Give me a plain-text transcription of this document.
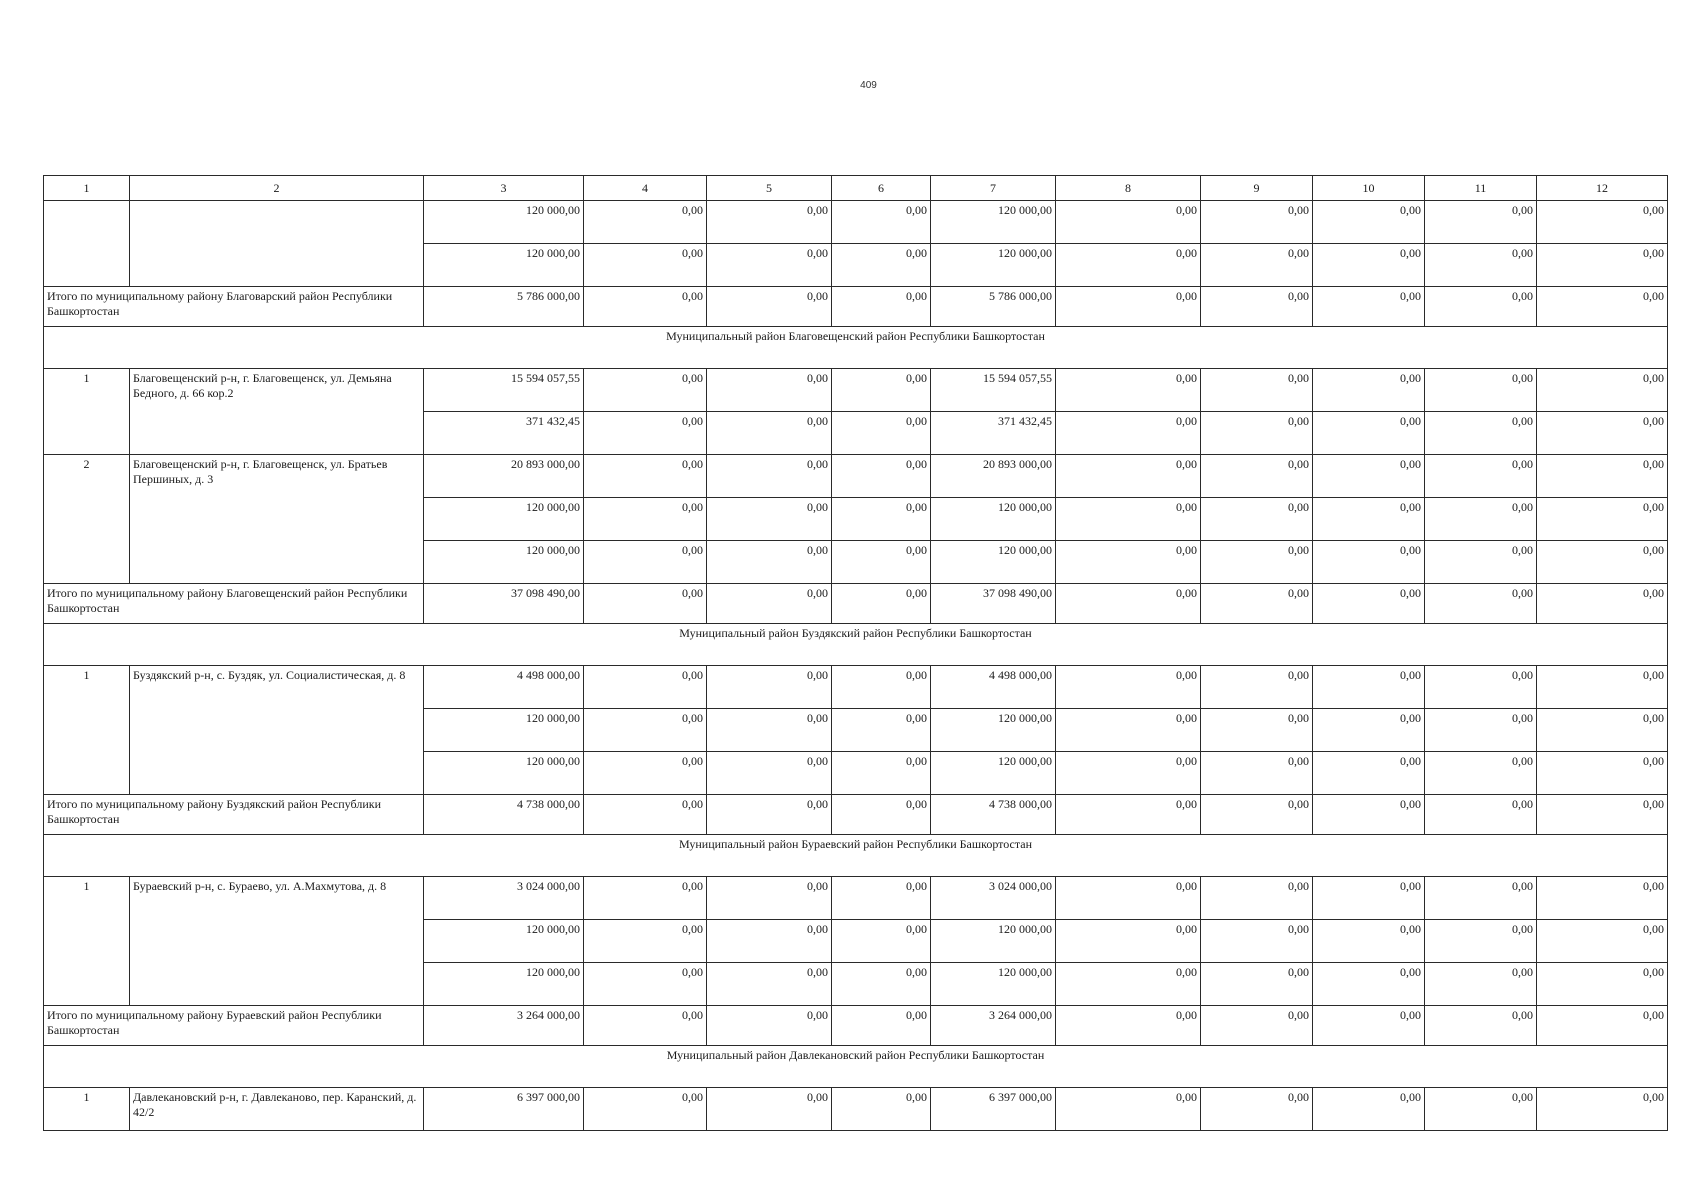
409
1	2	3	4	5	6	7	8	9	10	11	12
		120 000,00	0,00	0,00	0,00	120 000,00	0,00	0,00	0,00	0,00	0,00
		120 000,00	0,00	0,00	0,00	120 000,00	0,00	0,00	0,00	0,00	0,00
Итого по муниципальному району Благоварский район Республики Башкортостан		5 786 000,00	0,00	0,00	0,00	5 786 000,00	0,00	0,00	0,00	0,00	0,00
Муниципальный район Благовещенский район Республики Башкортостан											
1	Благовещенский р-н, г. Благовещенск, ул. Демьяна Бедного, д. 66 кор.2	15 594 057,55	0,00	0,00	0,00	15 594 057,55	0,00	0,00	0,00	0,00	0,00
		371 432,45	0,00	0,00	0,00	371 432,45	0,00	0,00	0,00	0,00	0,00
2	Благовещенский р-н, г. Благовещенск, ул. Братьев Першиных, д. 3	20 893 000,00	0,00	0,00	0,00	20 893 000,00	0,00	0,00	0,00	0,00	0,00
		120 000,00	0,00	0,00	0,00	120 000,00	0,00	0,00	0,00	0,00	0,00
		120 000,00	0,00	0,00	0,00	120 000,00	0,00	0,00	0,00	0,00	0,00
Итого по муниципальному району Благовещенский район Республики Башкортостан		37 098 490,00	0,00	0,00	0,00	37 098 490,00	0,00	0,00	0,00	0,00	0,00
Муниципальный район Буздякский район Республики Башкортостан											
1	Буздякский р-н, с. Буздяк, ул. Социалистическая, д. 8	4 498 000,00	0,00	0,00	0,00	4 498 000,00	0,00	0,00	0,00	0,00	0,00
		120 000,00	0,00	0,00	0,00	120 000,00	0,00	0,00	0,00	0,00	0,00
		120 000,00	0,00	0,00	0,00	120 000,00	0,00	0,00	0,00	0,00	0,00
Итого по муниципальному району Буздякский район Республики Башкортостан		4 738 000,00	0,00	0,00	0,00	4 738 000,00	0,00	0,00	0,00	0,00	0,00
Муниципальный район Бураевский район Республики Башкортостан											
1	Бураевский р-н, с. Бураево, ул. А.Махмутова, д. 8	3 024 000,00	0,00	0,00	0,00	3 024 000,00	0,00	0,00	0,00	0,00	0,00
		120 000,00	0,00	0,00	0,00	120 000,00	0,00	0,00	0,00	0,00	0,00
		120 000,00	0,00	0,00	0,00	120 000,00	0,00	0,00	0,00	0,00	0,00
Итого по муниципальному району Бураевский район Республики Башкортостан		3 264 000,00	0,00	0,00	0,00	3 264 000,00	0,00	0,00	0,00	0,00	0,00
Муниципальный район Давлекановский район Республики Башкортостан											
1	Давлекановский р-н, г. Давлеканово, пер. Каранский, д. 42/2	6 397 000,00	0,00	0,00	0,00	6 397 000,00	0,00	0,00	0,00	0,00	0,00
